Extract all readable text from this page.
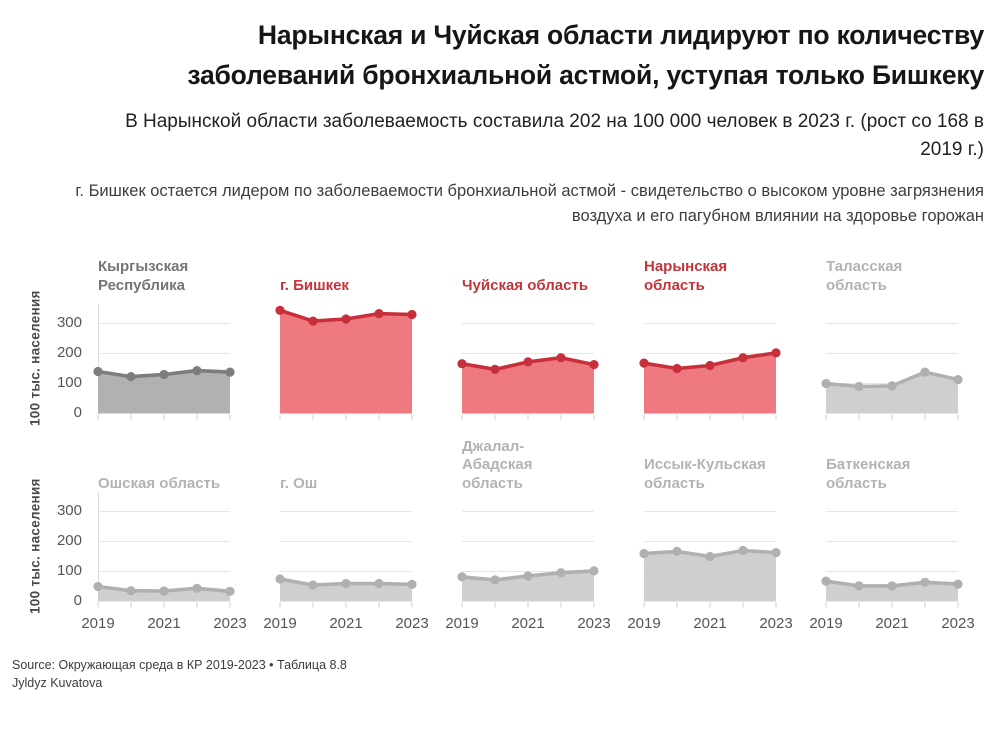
Нарынская и Чуйская области лидируют по количеству заболеваний бронхиальной астмой, уступая только Бишкеку

В Нарынской области заболеваемость составила 202 на 100 000 человек в 2023 г. (рост со 168 в 2019 г.)

г. Бишкек остается лидером по заболеваемости бронхиальной астмой - свидетельство о высоком уровне загрязнения воздуха и его пагубном влиянии на здоровье горожан

Кыргызская Республика	г. Бишкек	Чуйская область
Нарынская область
Таласская область
100 тыс. населения 300
200
100
0
Ошская область	г. Ош
Джалал-Абадская область
Иссык-Кульская область
Баткенская область
100 тыс. населения 300
200
100
0
2019 2021 2023 2019 2021 2023 2019 2021 2023 2019 2021 2023 2019 2021 2023
Source: Окружающая среда в КР 2019-2023 • Таблица 8.8
Jyldyz Kuvatova
